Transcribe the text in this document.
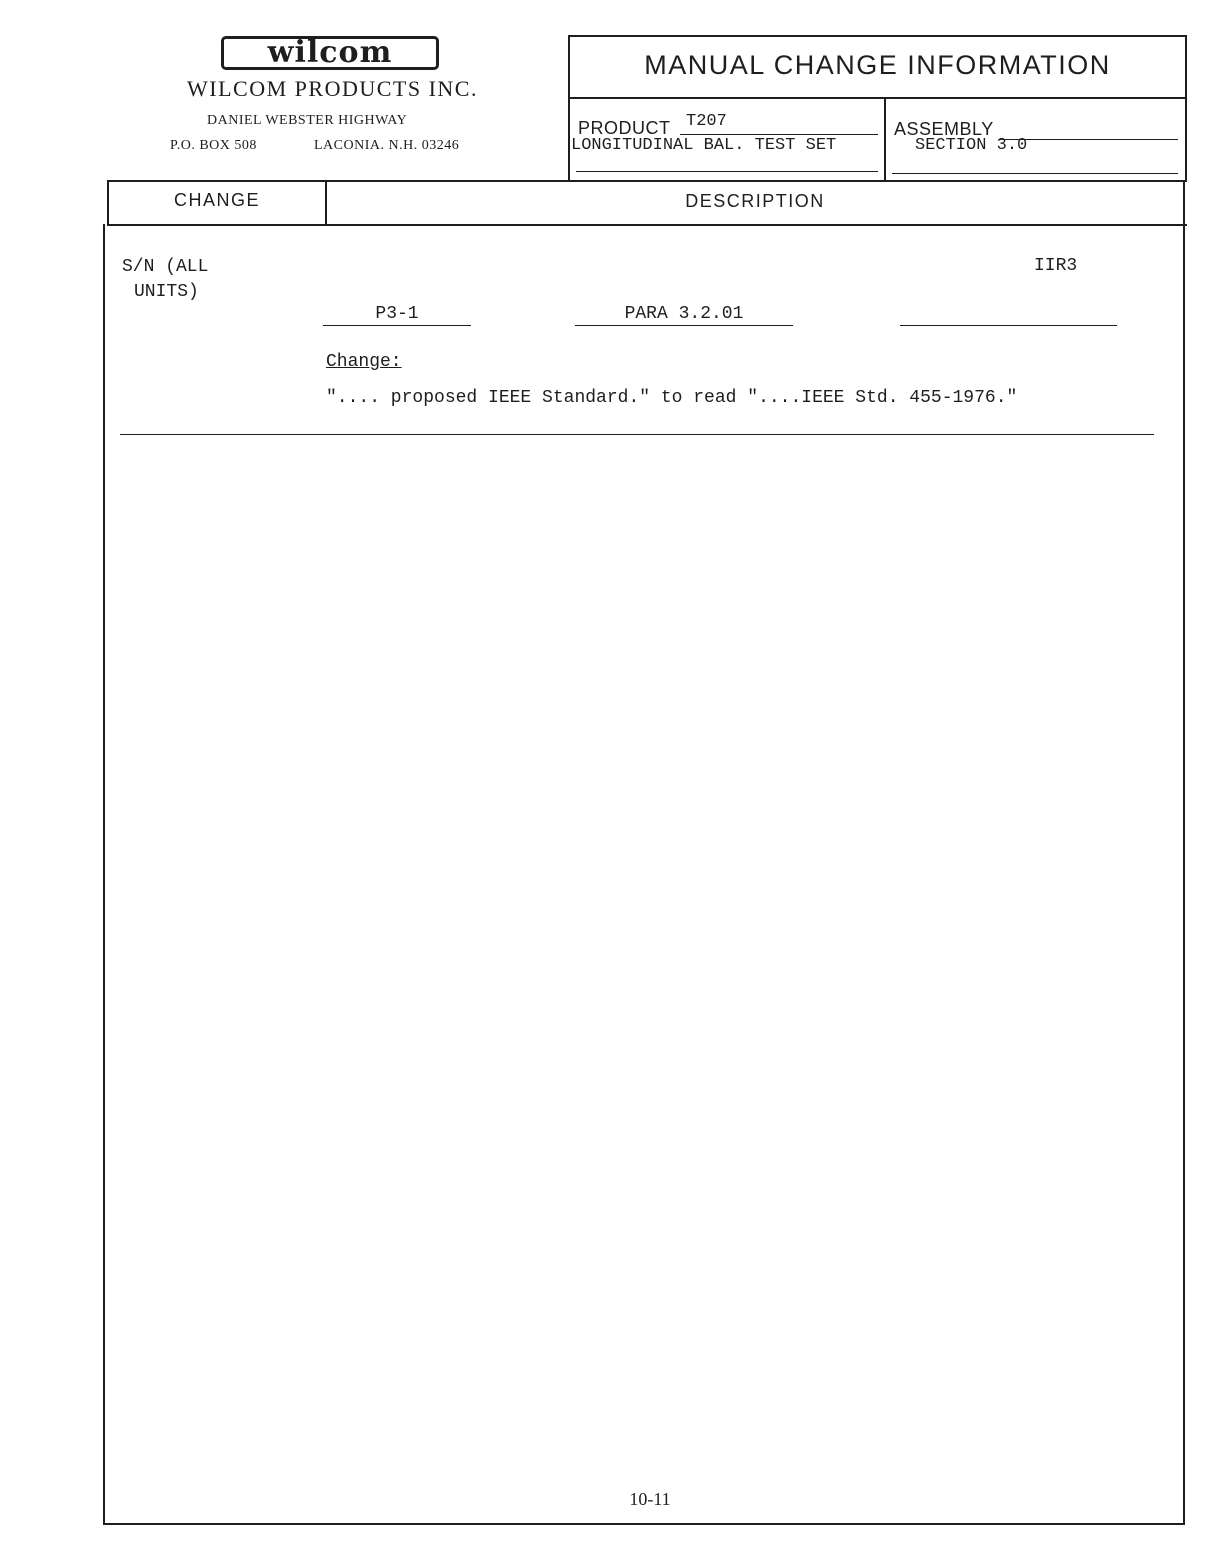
wilcom
WILCOM PRODUCTS INC.
DANIEL WEBSTER HIGHWAY
P.O. BOX 508	LACONIA. N.H. 03246
MANUAL CHANGE INFORMATION
PRODUCT T207
LONGITUDINAL BAL. TEST SET
ASSEMBLY
SECTION 3.0
CHANGE	DESCRIPTION
S/N (ALL
UNITS)
IIR3
P3-1	PARA 3.2.01
Change:
".... proposed IEEE Standard." to read "....IEEE Std. 455-1976."
10-11
